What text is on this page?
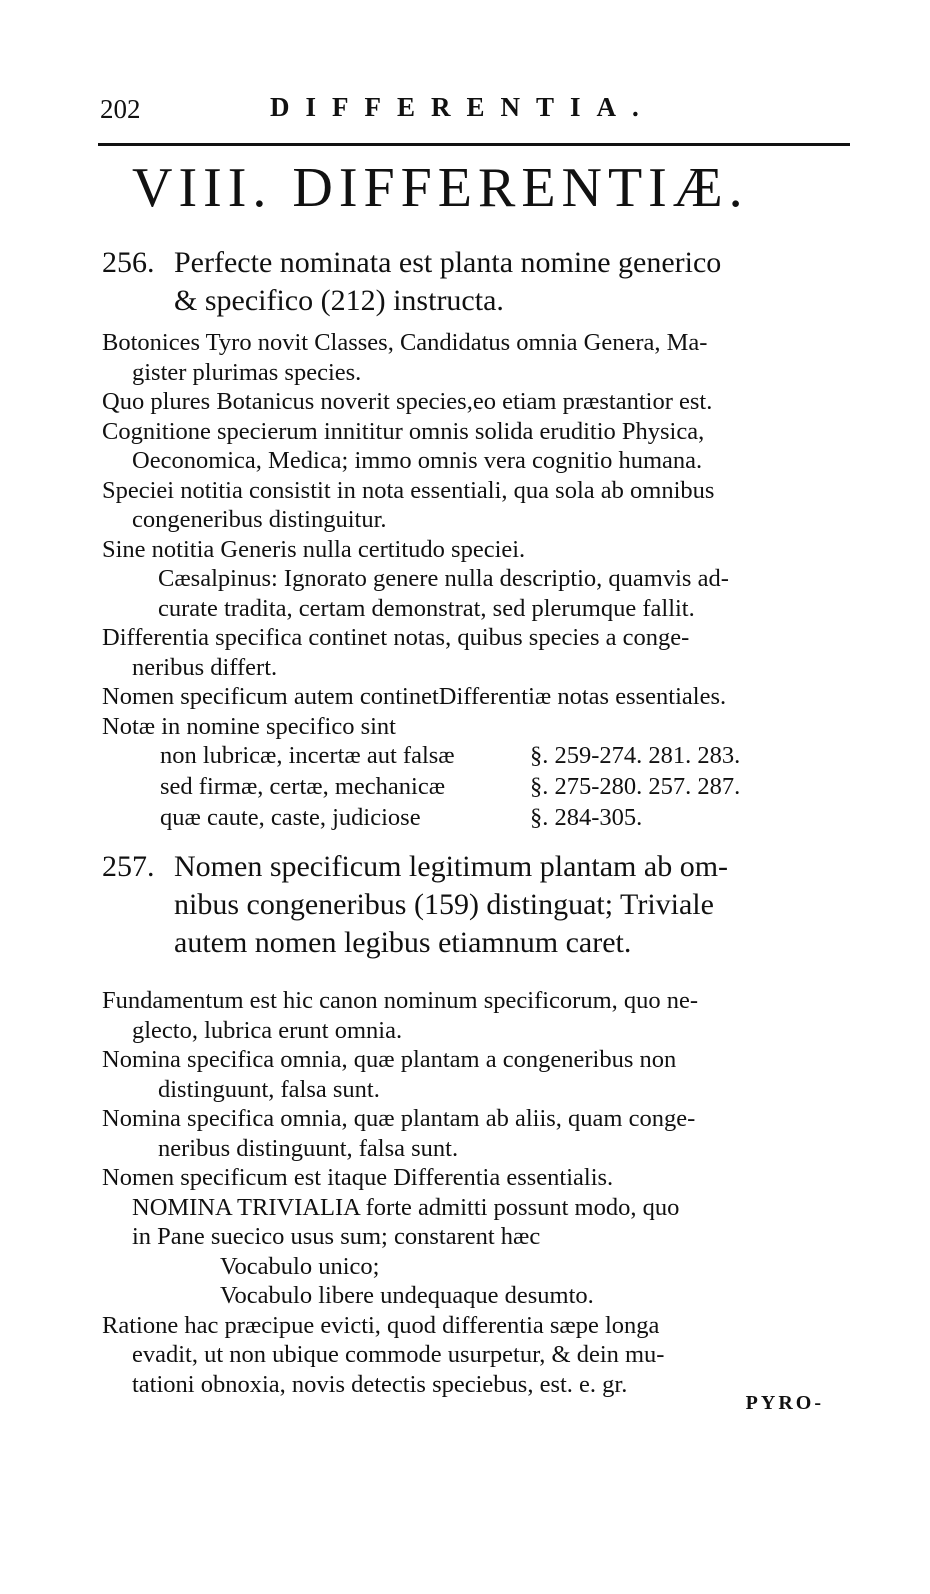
202	DIFFERENTIA.
VIII. DIFFERENTIÆ.
256. Perfecte nominata est planta nomine generico
& specifico (212) instructa.
Botonices Tyro novit Classes, Candidatus omnia Genera, Ma-
gister plurimas species.
Quo plures Botanicus noverit species,eo etiam præstantior est.
Cognitione specierum innititur omnis solida eruditio Physica,
Oeconomica, Medica; immo omnis vera cognitio humana.
Speciei notitia consistit in nota essentiali, qua sola ab omnibus
congeneribus distinguitur.
Sine notitia Generis nulla certitudo speciei.
Cæsalpinus: Ignorato genere nulla descriptio, quamvis ad-
curate tradita, certam demonstrat, sed plerumque fallit.
Differentia specifica continet notas, quibus species a conge-
neribus differt.
Nomen specificum autem continetDifferentiæ notas essentiales.
Notæ in nomine specifico sint
non lubricæ, incertæ aut falsæ	§. 259-274. 281. 283.
sed firmæ, certæ, mechanicæ	§. 275-280. 257. 287.
quæ caute, caste, judiciose	§. 284-305.
257. Nomen specificum legitimum plantam ab om-
nibus congeneribus (159) distinguat; Triviale
autem nomen legibus etiamnum caret.
Fundamentum est hic canon nominum specificorum, quo ne-
glecto, lubrica erunt omnia.
Nomina specifica omnia, quæ plantam a congeneribus non
distinguunt, falsa sunt.
Nomina specifica omnia, quæ plantam ab aliis, quam conge-
neribus distinguunt, falsa sunt.
Nomen specificum est itaque Differentia essentialis.
NOMINA TRIVIALIA forte admitti possunt modo, quo
in Pane suecico usus sum; constarent hæc
Vocabulo unico;
Vocabulo libere undequaque desumto.
Ratione hac præcipue evicti, quod differentia sæpe longa
evadit, ut non ubique commode usurpetur, & dein mu-
tationi obnoxia, novis detectis speciebus, est. e. gr.
PYRO-
